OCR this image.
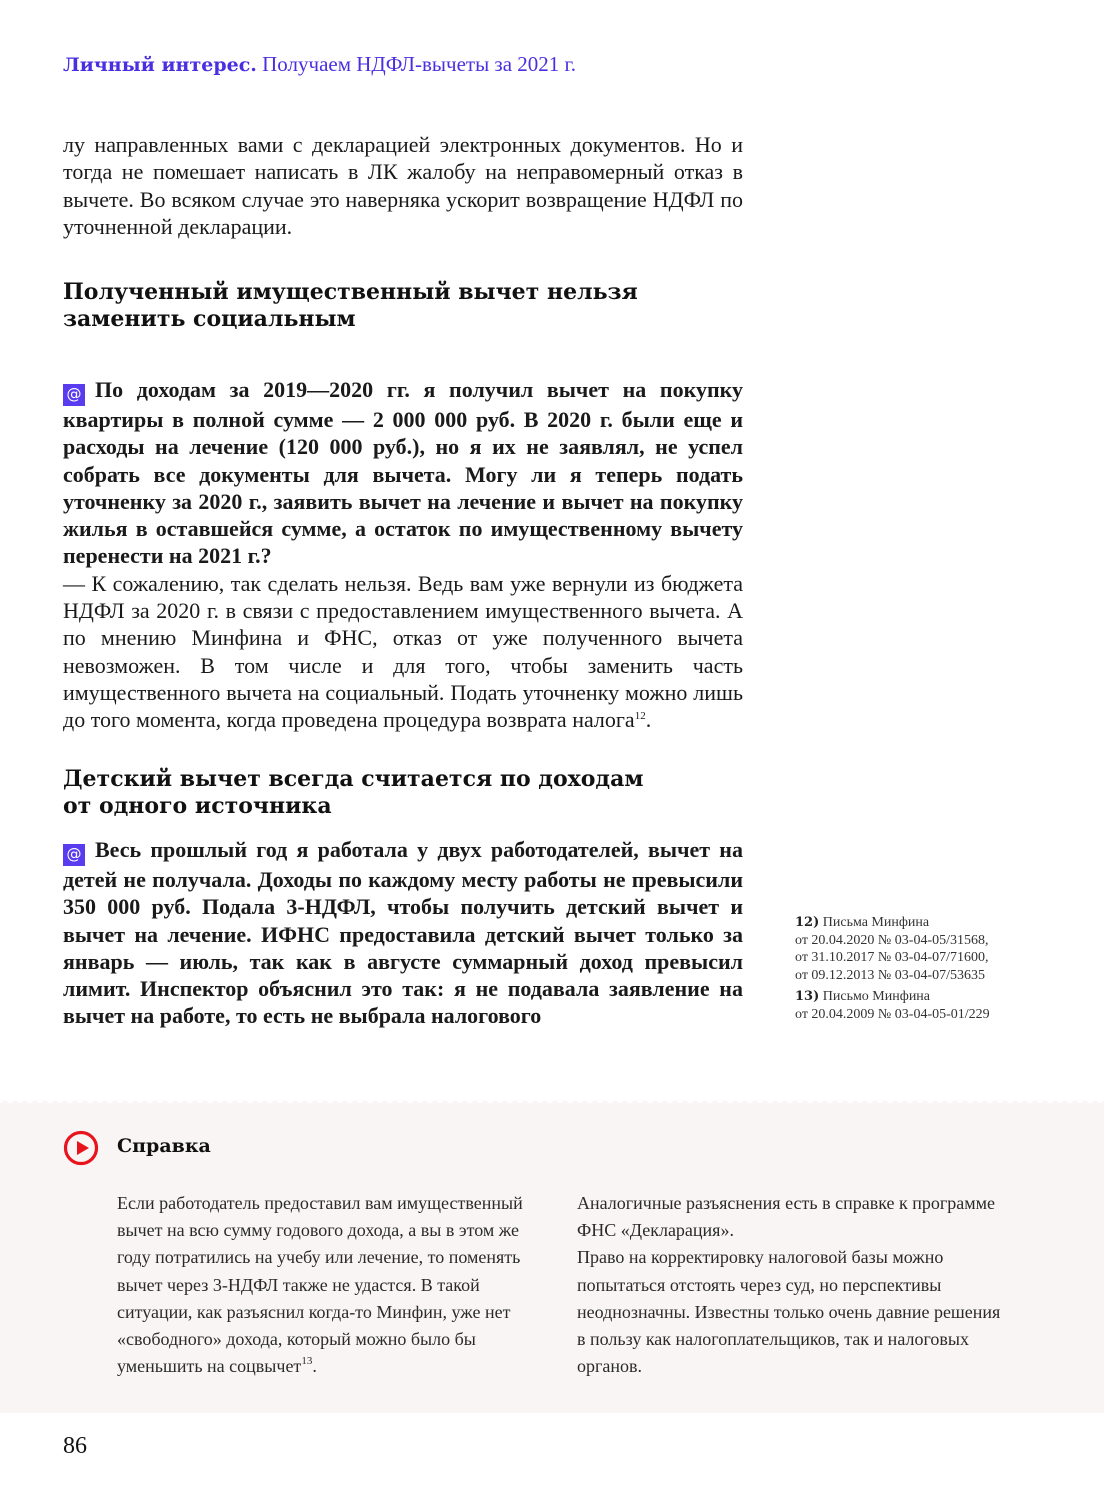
Личный интерес. Получаем НДФЛ-вычеты за 2021 г.

лу направленных вами с декларацией электронных документов. Но и тогда не помешает написать в ЛК жалобу на неправомерный отказ в вычете. Во всяком случае это наверняка ускорит возвращение НДФЛ по уточненной декларации.

Полученный имущественный вычет нельзя
заменить социальным

@ По доходам за 2019—2020 гг. я получил вычет на покупку квартиры в полной сумме — 2 000 000 руб. В 2020 г. были еще и расходы на лечение (120 000 руб.), но я их не заявлял, не успел собрать все документы для вычета. Могу ли я теперь подать уточненку за 2020 г., заявить вычет на лечение и вычет на покупку жилья в оставшейся сумме, а остаток по имущественному вычету перенести на 2021 г.?

— К сожалению, так сделать нельзя. Ведь вам уже вернули из бюджета НДФЛ за 2020 г. в связи с предоставлением имущественного вычета. А по мнению Минфина и ФНС, отказ от уже полученного вычета невозможен. В том числе и для того, чтобы заменить часть имущественного вычета на социальный. Подать уточненку можно лишь до того момента, когда проведена процедура возврата налога$^{12}$.

Детский вычет всегда считается по доходам
от одного источника

@ Весь прошлый год я работала у двух работодателей, вычет на детей не получала. Доходы по каждому месту работы не превысили 350 000 руб. Подала 3-НДФЛ, чтобы получить детский вычет и вычет на лечение. ИФНС предоставила детский вычет только за январь — июль, так как в августе суммарный доход превысил лимит. Инспектор объяснил это так: я не подавала заявление на вычет на работе, то есть не выбрала налогового

12) Письма Минфина
от 20.04.2020 № 03-04-05/31568,
от 31.10.2017 № 03-04-07/71600,
от 09.12.2013 № 03-04-07/53635
13) Письмо Минфина
от 20.04.2009 № 03-04-05-01/229
Справка

Если работодатель предоставил вам имущественный вычет на всю сумму годового дохода, а вы в этом же году потратились на учебу или лечение, то поменять вычет через 3-НДФЛ также не удастся. В такой ситуации, как разъяснил когда-то Минфин, уже нет «свободного» дохода, который можно было бы уменьшить на соцвычет$^{13}$.

Аналогичные разъяснения есть в справке к программе ФНС «Декларация».

Право на корректировку налоговой базы можно попытаться отстоять через суд, но перспективы неоднозначны. Известны только очень давние решения в пользу как налогоплательщиков, так и налоговых органов.

86
